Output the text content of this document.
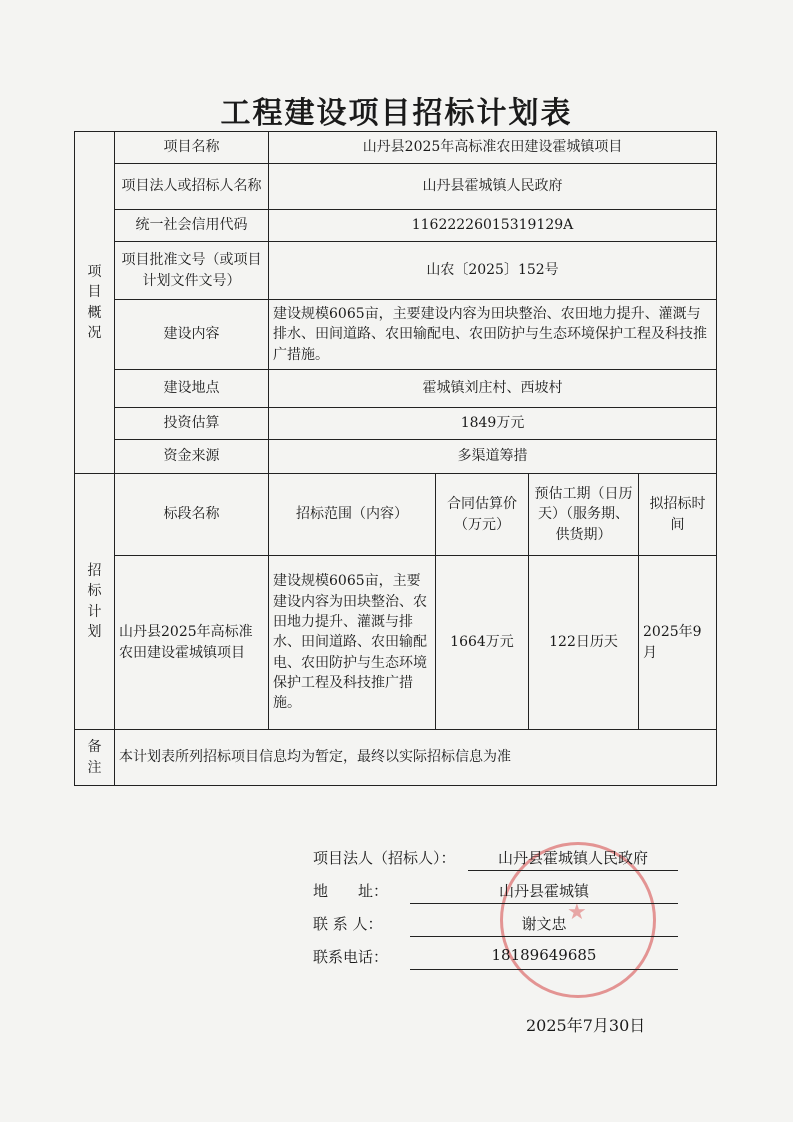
工程建设项目招标计划表
项
目
概
况	项目名称	山丹县2025年高标准农田建设霍城镇项目			
	项目法人或招标人名称	山丹县霍城镇人民政府			
	统一社会信用代码	11622226015319129A			
	项目批准文号（或项目计划文件文号）	山农〔2025〕152号			
	建设内容	建设规模6065亩，主要建设内容为田块整治、农田地力提升、灌溉与排水、田间道路、农田输配电、农田防护与生态环境保护工程及科技推广措施。			
	建设地点	霍城镇刘庄村、西坡村			
	投资估算	1849万元			
	资金来源	多渠道筹措			

招
标
计
划	标段名称	招标范围（内容）	合同估算价（万元）	预估工期（日历天）（服务期、供货期）	拟招标时间
	山丹县2025年高标准农田建设霍城镇项目	建设规模6065亩，主要建设内容为田块整治、农田地力提升、灌溉与排水、田间道路、农田输配电、农田防护与生态环境保护工程及科技推广措施。	1664万元	122日历天	2025年9月

备
注	本计划表所列招标项目信息均为暂定，最终以实际招标信息为准				
★
项目法人（招标人）：	山丹县霍城镇人民政府
地　　址：	山丹县霍城镇
联 系 人：	谢文忠
联系电话：	18189649685
2025年7月30日
